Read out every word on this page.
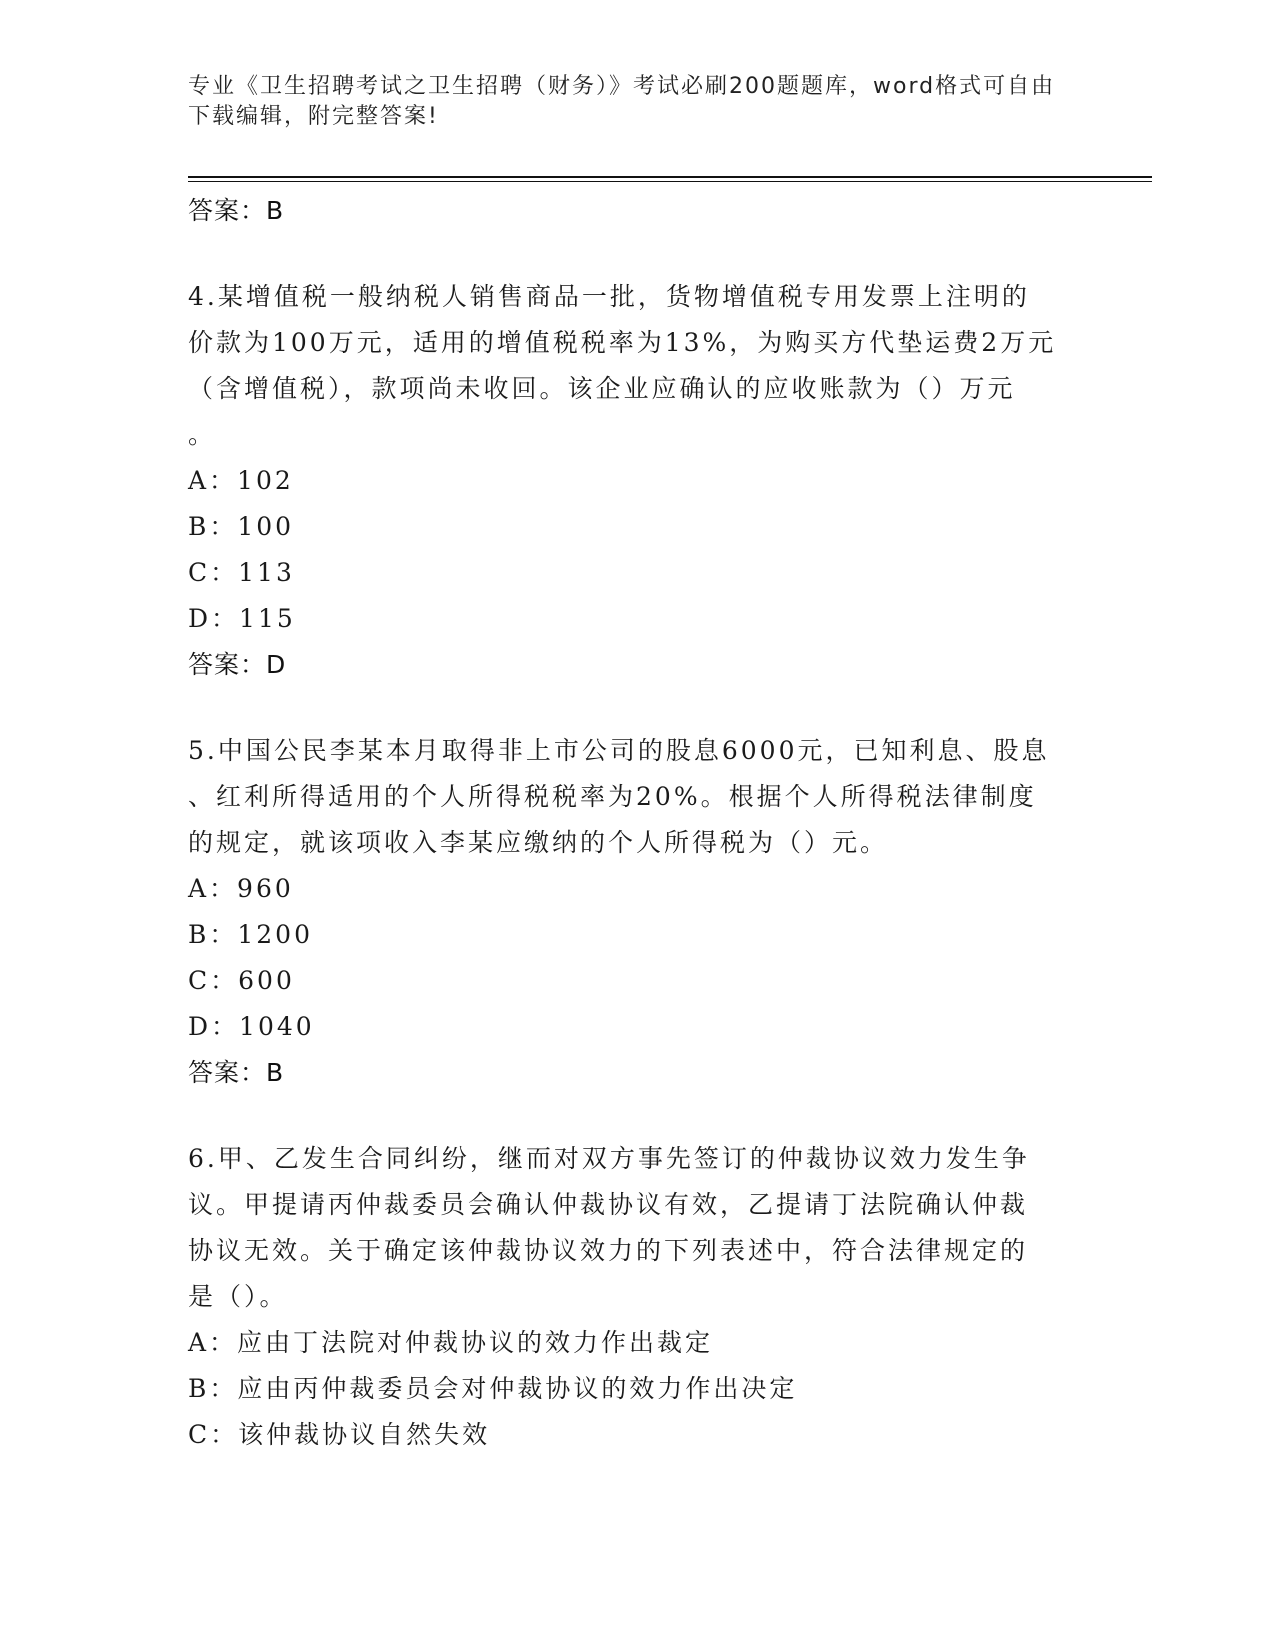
专业《卫生招聘考试之卫生招聘（财务）》考试必刷200题题库，word格式可自由下载编辑，附完整答案!
答案：B
4.某增值税一般纳税人销售商品一批，货物增值税专用发票上注明的
价款为100万元，适用的增值税税率为13%，为购买方代垫运费2万元
（含增值税），款项尚未收回。该企业应确认的应收账款为（）万元
。
A：102
B：100
C：113
D：115
答案：D
5.中国公民李某本月取得非上市公司的股息6000元，已知利息、股息
、红利所得适用的个人所得税税率为20%。根据个人所得税法律制度
的规定，就该项收入李某应缴纳的个人所得税为（）元。
A：960
B：1200
C：600
D：1040
答案：B
6.甲、乙发生合同纠纷，继而对双方事先签订的仲裁协议效力发生争
议。甲提请丙仲裁委员会确认仲裁协议有效，乙提请丁法院确认仲裁
协议无效。关于确定该仲裁协议效力的下列表述中，符合法律规定的
是（）。
A：应由丁法院对仲裁协议的效力作出裁定
B：应由丙仲裁委员会对仲裁协议的效力作出决定
C：该仲裁协议自然失效
